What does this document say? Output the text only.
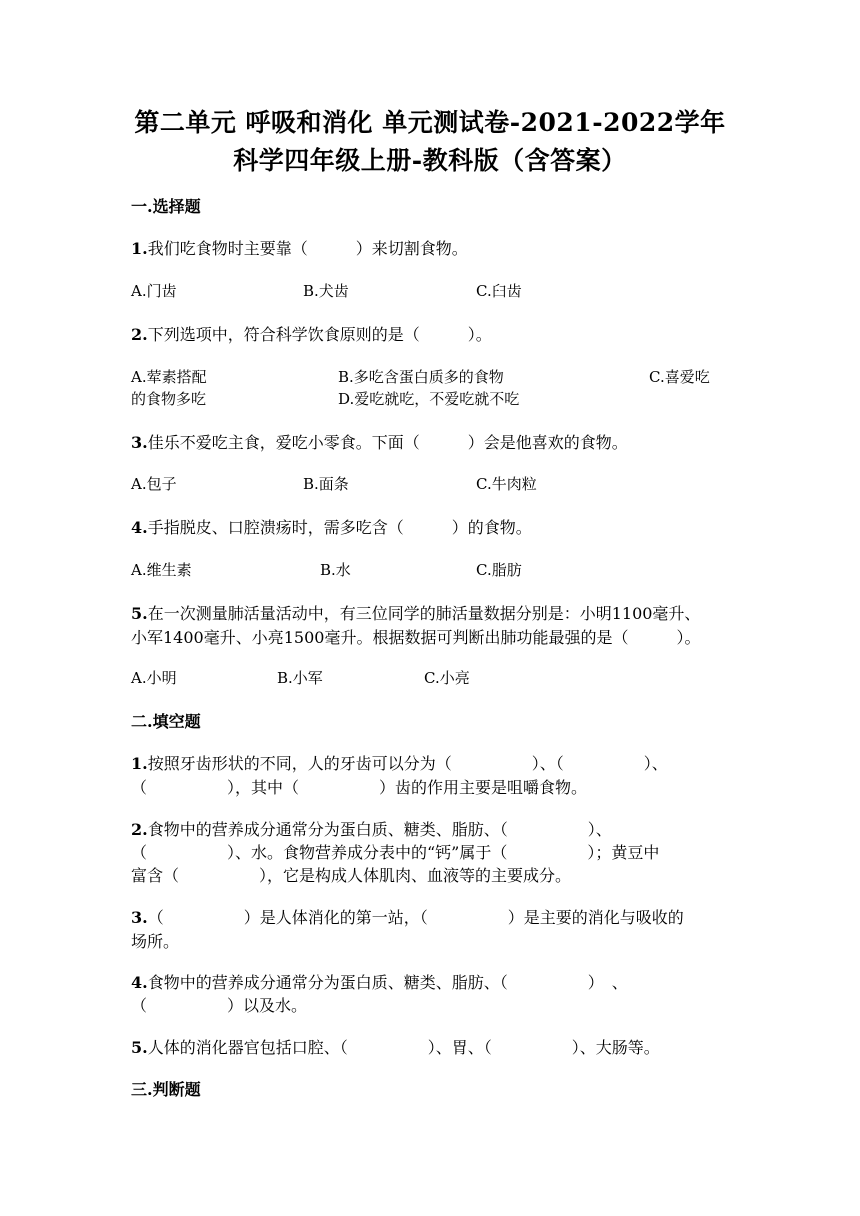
第二单元 呼吸和消化 单元测试卷-2021-2022学年
科学四年级上册-教科版（含答案）
一.选择题
1.我们吃食物时主要靠（　　　）来切割食物。
A.门齿	B.犬齿	C.臼齿
2.下列选项中，符合科学饮食原则的是（　　　）。
A.荤素搭配	B.多吃含蛋白质多的食物	C.喜爱吃
的食物多吃	D.爱吃就吃，不爱吃就不吃
3.佳乐不爱吃主食，爱吃小零食。下面（　　　）会是他喜欢的食物。
A.包子	B.面条	C.牛肉粒
4.手指脱皮、口腔溃疡时，需多吃含（　　　）的食物。
A.维生素	B.水	C.脂肪
5.在一次测量肺活量活动中，有三位同学的肺活量数据分别是：小明1100毫升、
小军1400毫升、小亮1500毫升。根据数据可判断出肺功能最强的是（　　　）。
A.小明	B.小军	C.小亮
二.填空题
1.按照牙齿形状的不同，人的牙齿可以分为（　　　　　）、（　　　　　）、
（　　　　　），其中（　　　　　）齿的作用主要是咀嚼食物。
2.食物中的营养成分通常分为蛋白质、糖类、脂肪、（　　　　　）、
（　　　　　）、水。食物营养成分表中的“钙”属于（　　　　　）；黄豆中
富含（　　　　　），它是构成人体肌肉、血液等的主要成分。
3.（　　　　　）是人体消化的第一站，（　　　　　）是主要的消化与吸收的
场所。
4.食物中的营养成分通常分为蛋白质、糖类、脂肪、（　　　　　）　、
（　　　　　）以及水。
5.人体的消化器官包括口腔、（　　　　　）、胃、（　　　　　）、大肠等。
三.判断题
